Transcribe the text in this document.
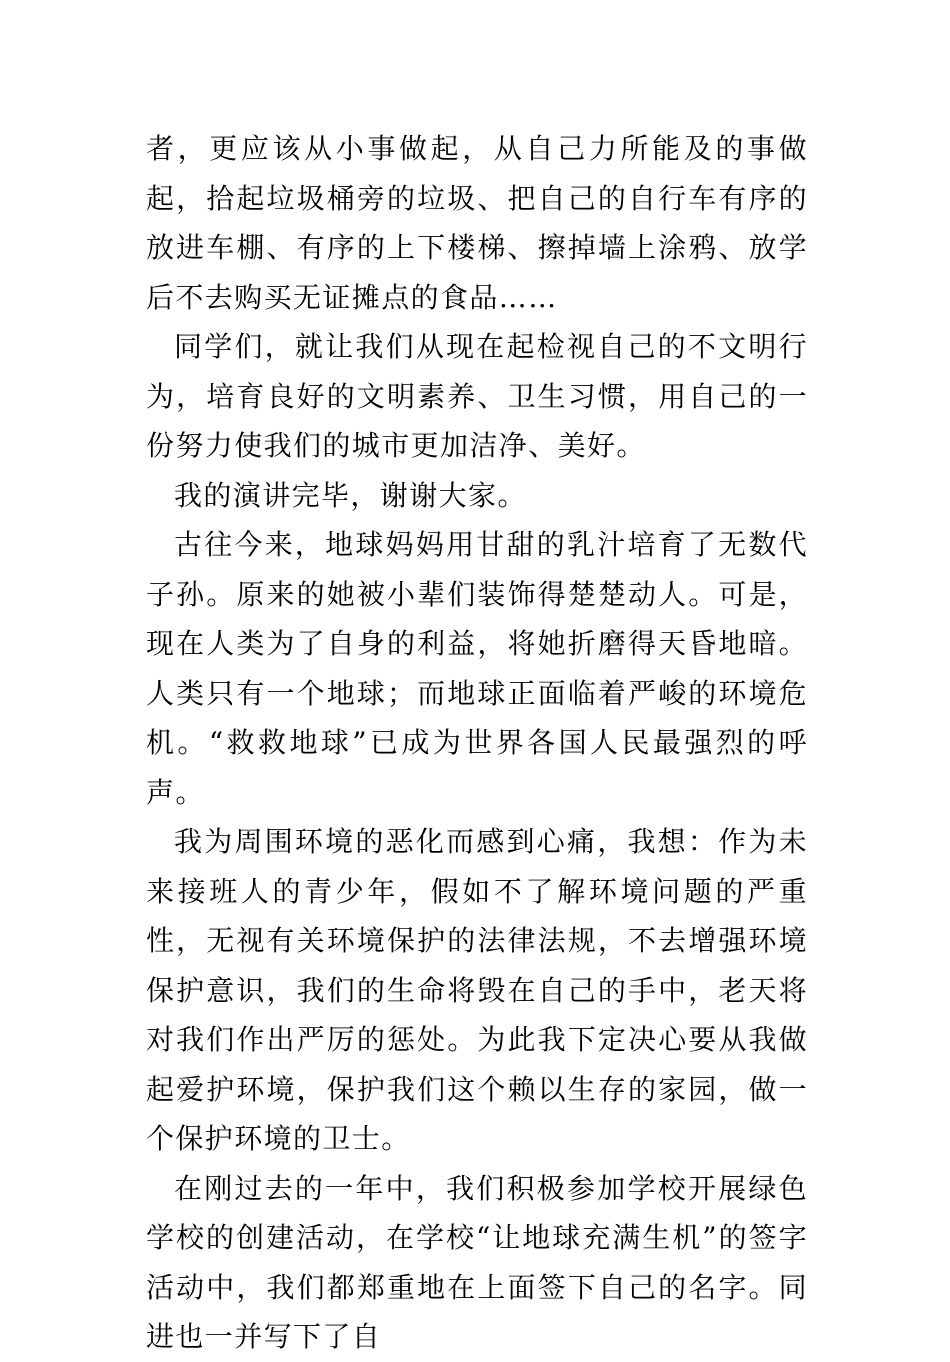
者，更应该从小事做起，从自己力所能及的事做起，拾起垃圾桶旁的垃圾、把自己的自行车有序的放进车棚、有序的上下楼梯、擦掉墙上涂鸦、放学后不去购买无证摊点的食品……

同学们，就让我们从现在起检视自己的不文明行为，培育良好的文明素养、卫生习惯，用自己的一份努力使我们的城市更加洁净、美好。

我的演讲完毕，谢谢大家。

古往今来，地球妈妈用甘甜的乳汁培育了无数代子孙。原来的她被小辈们装饰得楚楚动人。可是，现在人类为了自身的利益，将她折磨得天昏地暗。人类只有一个地球；而地球正面临着严峻的环境危机。“救救地球”已成为世界各国人民最强烈的呼声。

我为周围环境的恶化而感到心痛，我想：作为未来接班人的青少年，假如不了解环境问题的严重性，无视有关环境保护的法律法规，不去增强环境保护意识，我们的生命将毁在自己的手中，老天将对我们作出严厉的惩处。为此我下定决心要从我做起爱护环境，保护我们这个赖以生存的家园，做一个保护环境的卫士。

在刚过去的一年中，我们积极参加学校开展绿色学校的创建活动，在学校“让地球充满生机”的签字活动中，我们都郑重地在上面签下自己的名字。同进也一并写下了自
